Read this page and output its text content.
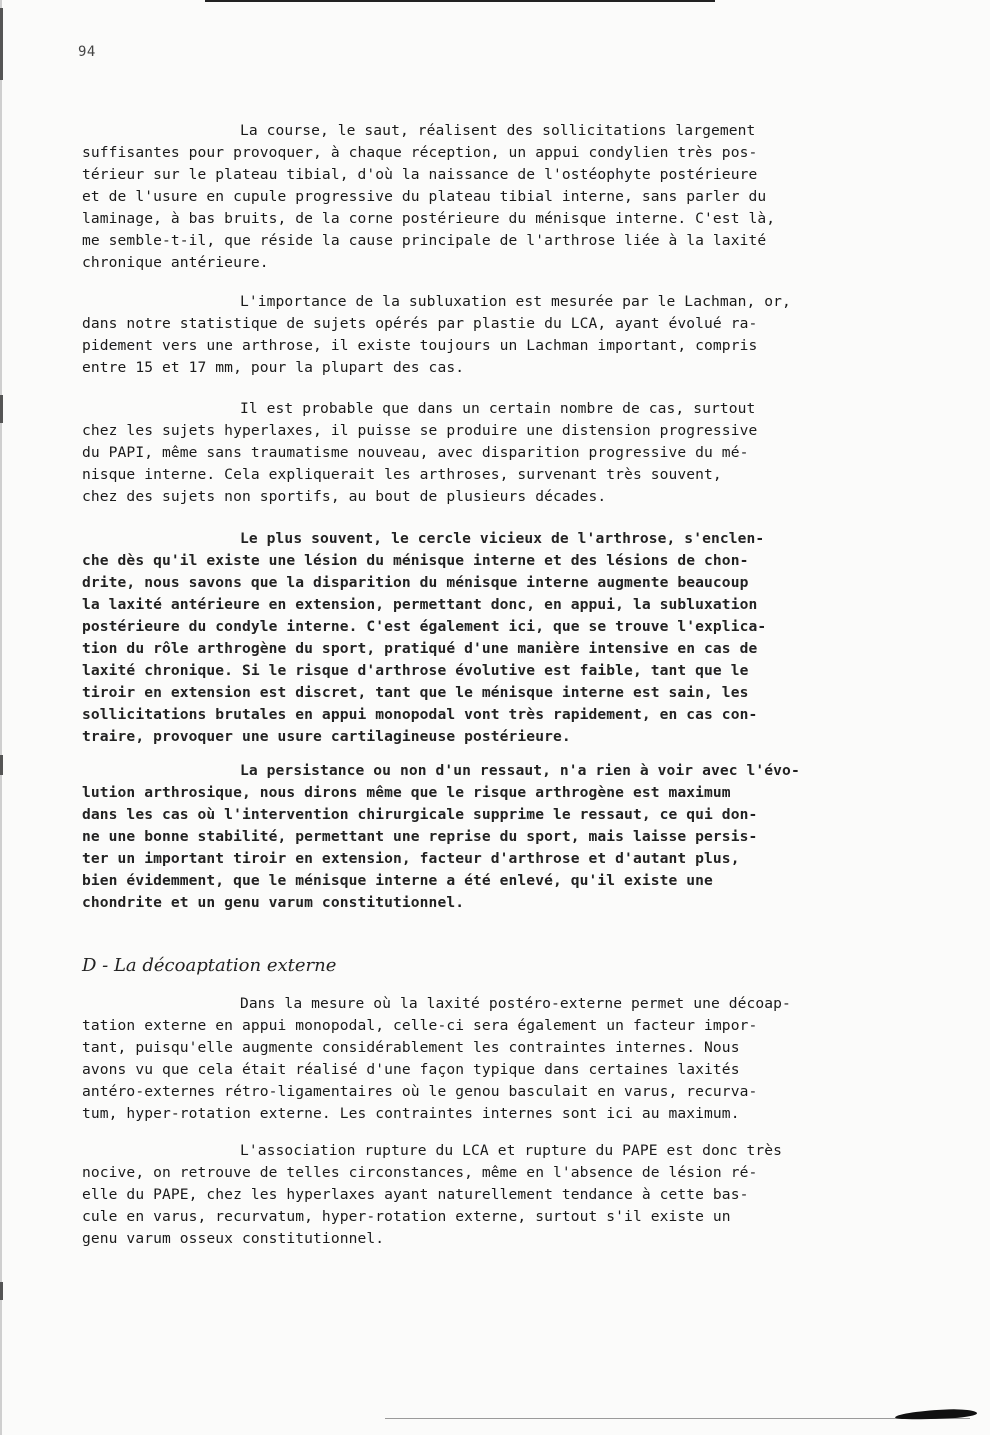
94
La course, le saut, réalisent des sollicitations largement
suffisantes pour provoquer, à chaque réception, un appui condylien très pos-
térieur sur le plateau tibial, d'où la naissance de l'ostéophyte postérieure
et de l'usure en cupule progressive du plateau tibial interne, sans parler du
laminage, à bas bruits, de la corne postérieure du ménisque interne. C'est là,
me semble-t-il, que réside la cause principale de l'arthrose liée à la laxité
chronique antérieure.
L'importance de la subluxation est mesurée par le Lachman, or,
dans notre statistique de sujets opérés par plastie du LCA, ayant évolué ra-
pidement vers une arthrose, il existe toujours un Lachman important, compris
entre 15 et 17 mm, pour la plupart des cas.
Il est probable que dans un certain nombre de cas, surtout
chez les sujets hyperlaxes, il puisse se produire une distension progressive
du PAPI, même sans traumatisme nouveau, avec disparition progressive du mé-
nisque interne. Cela expliquerait les arthroses, survenant très souvent,
chez des sujets non sportifs, au bout de plusieurs décades.
Le plus souvent, le cercle vicieux de l'arthrose, s'enclen-
che dès qu'il existe une lésion du ménisque interne et des lésions de chon-
drite, nous savons que la disparition du ménisque interne augmente beaucoup
la laxité antérieure en extension, permettant donc, en appui, la subluxation
postérieure du condyle interne. C'est également ici, que se trouve l'explica-
tion du rôle arthrogène du sport, pratiqué d'une manière intensive en cas de
laxité chronique. Si le risque d'arthrose évolutive est faible, tant que le
tiroir en extension est discret, tant que le ménisque interne est sain, les
sollicitations brutales en appui monopodal vont très rapidement, en cas con-
traire, provoquer une usure cartilagineuse postérieure.
La persistance ou non d'un ressaut, n'a rien à voir avec l'évo-
lution arthrosique, nous dirons même que le risque arthrogène est maximum
dans les cas où l'intervention chirurgicale supprime le ressaut, ce qui don-
ne une bonne stabilité, permettant une reprise du sport, mais laisse persis-
ter un important tiroir en extension, facteur d'arthrose et d'autant plus,
bien évidemment, que le ménisque interne a été enlevé, qu'il existe une
chondrite et un genu varum constitutionnel.
D - La décoaptation externe
Dans la mesure où la laxité postéro-externe permet une décoap-
tation externe en appui monopodal, celle-ci sera également un facteur impor-
tant, puisqu'elle augmente considérablement les contraintes internes. Nous
avons vu que cela était réalisé d'une façon typique dans certaines laxités
antéro-externes rétro-ligamentaires où le genou basculait en varus, recurva-
tum, hyper-rotation externe. Les contraintes internes sont ici au maximum.
L'association rupture du LCA et rupture du PAPE est donc très
nocive, on retrouve de telles circonstances, même en l'absence de lésion ré-
elle du PAPE, chez les hyperlaxes ayant naturellement tendance à cette bas-
cule en varus, recurvatum, hyper-rotation externe, surtout s'il existe un
genu varum osseux constitutionnel.
